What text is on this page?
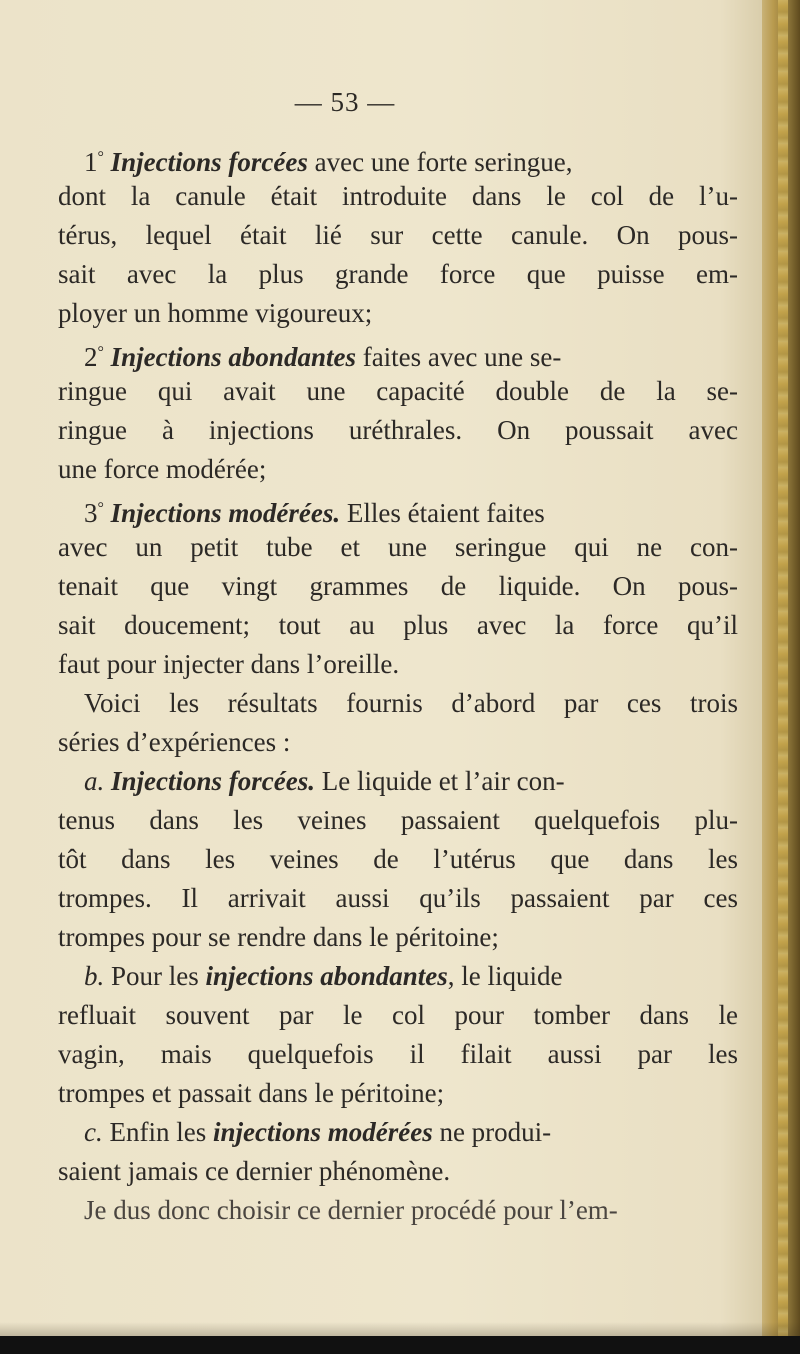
— 53 —
1° Injections forcées avec une forte seringue,
dont la canule était introduite dans le col de l’u-
térus, lequel était lié sur cette canule. On pous-
sait avec la plus grande force que puisse em-
ployer un homme vigoureux;
2° Injections abondantes faites avec une se-
ringue qui avait une capacité double de la se-
ringue à injections uréthrales. On poussait avec
une force modérée;
3° Injections modérées. Elles étaient faites
avec un petit tube et une seringue qui ne con-
tenait que vingt grammes de liquide. On pous-
sait doucement; tout au plus avec la force qu’il
faut pour injecter dans l’oreille.
Voici les résultats fournis d’abord par ces trois
séries d’expériences :
a. Injections forcées. Le liquide et l’air con-
tenus dans les veines passaient quelquefois plu-
tôt dans les veines de l’utérus que dans les
trompes. Il arrivait aussi qu’ils passaient par ces
trompes pour se rendre dans le péritoine;
b. Pour les injections abondantes, le liquide
refluait souvent par le col pour tomber dans le
vagin, mais quelquefois il filait aussi par les
trompes et passait dans le péritoine;
c. Enfin les injections modérées ne produi-
saient jamais ce dernier phénomène.
Je dus donc choisir ce dernier procédé pour l’em-
